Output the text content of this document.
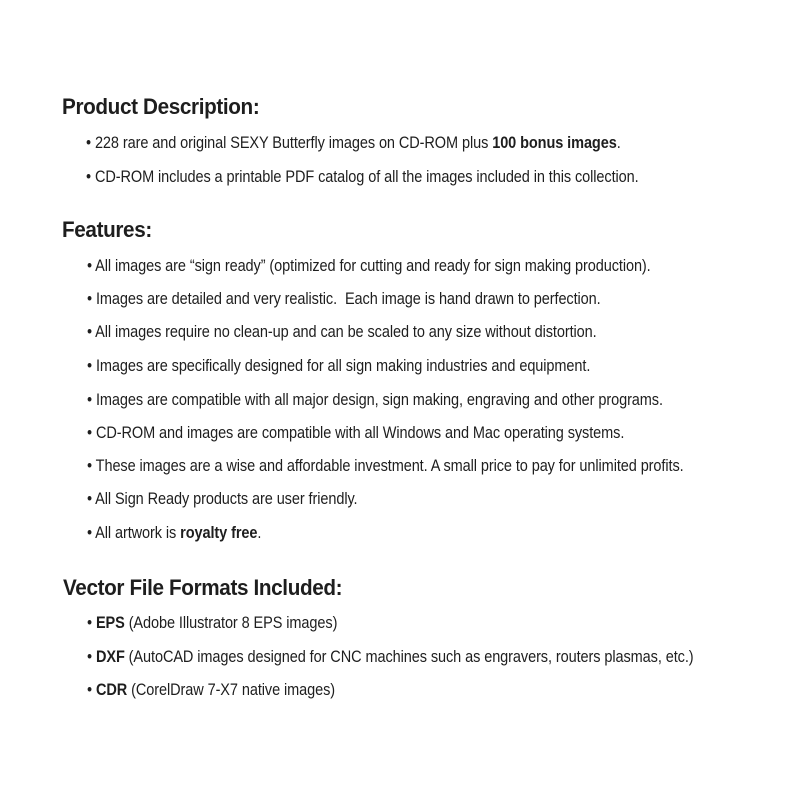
Product Description:
• 228 rare and original SEXY Butterfly images on CD-ROM plus 100 bonus images.
• CD-ROM includes a printable PDF catalog of all the images included in this collection.
Features:
• All images are “sign ready” (optimized for cutting and ready for sign making production).
• Images are detailed and very realistic.  Each image is hand drawn to perfection.
• All images require no clean-up and can be scaled to any size without distortion.
• Images are specifically designed for all sign making industries and equipment.
• Images are compatible with all major design, sign making, engraving and other programs.
• CD-ROM and images are compatible with all Windows and Mac operating systems.
• These images are a wise and affordable investment. A small price to pay for unlimited profits.
• All Sign Ready products are user friendly.
• All artwork is royalty free.
Vector File Formats Included:
• EPS (Adobe Illustrator 8 EPS images)
• DXF (AutoCAD images designed for CNC machines such as engravers, routers plasmas, etc.)
• CDR (CorelDraw 7-X7 native images)
